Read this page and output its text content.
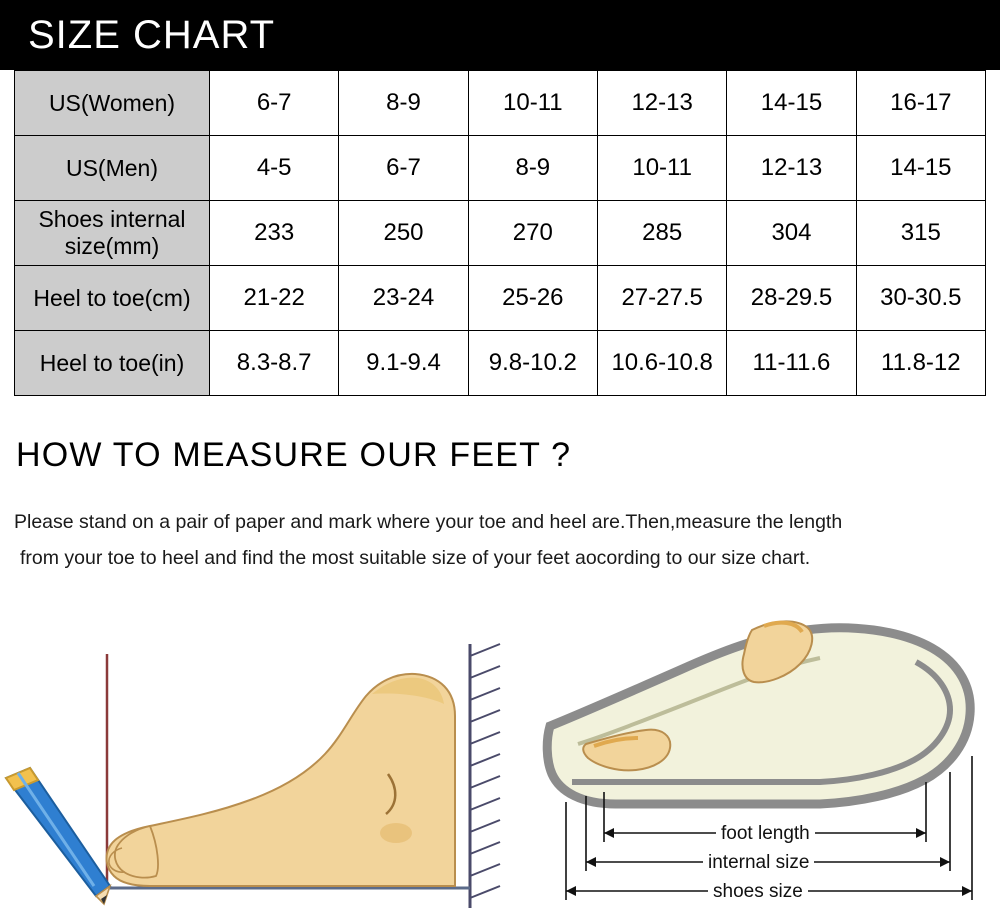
SIZE CHART
US(Women)	6-7	8-9	10-11	12-13	14-15	16-17
US(Men)	4-5	6-7	8-9	10-11	12-13	14-15

Shoes internal
size(mm)	233	250	270	285	304	315
Heel to toe(cm)	21-22	23-24	25-26	27-27.5	28-29.5	30-30.5
Heel to toe(in)	8.3-8.7	9.1-9.4	9.8-10.2	10.6-10.8	11-11.6	11.8-12
HOW TO MEASURE OUR FEET ?
Please stand on a pair of paper and mark where your toe and heel are.Then,measure the length
from your toe to heel and find the most suitable size of your feet aocording to our size chart.
foot length
internal size
shoes size
